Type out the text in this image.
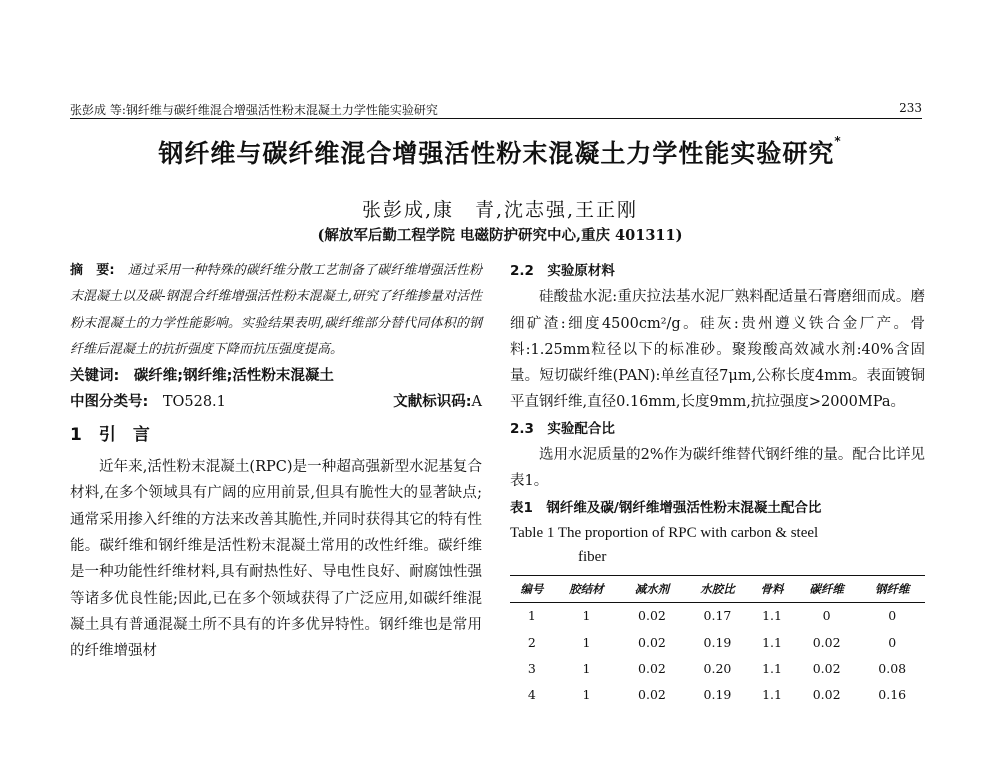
张彭成 等:钢纤维与碳纤维混合增强活性粉末混凝土力学性能实验研究	233
钢纤维与碳纤维混合增强活性粉末混凝土力学性能实验研究*
张彭成,康　青,沈志强,王正刚
(解放军后勤工程学院 电磁防护研究中心,重庆 401311)

摘　要:　 通过采用一种特殊的碳纤维分散工艺制备了碳纤维增强活性粉末混凝土以及碳-钢混合纤维增强活性粉末混凝土,研究了纤维掺量对活性粉末混凝土的力学性能影响。实验结果表明,碳纤维部分替代同体积的钢纤维后混凝土的抗折强度下降而抗压强度提高。

关键词:　 碳纤维;钢纤维;活性粉末混凝土

中图分类号:　 TO528.1	文献标识码:A
1　引　言

近年来,活性粉末混凝土(RPC)是一种超高强新型水泥基复合材料,在多个领域具有广阔的应用前景,但具有脆性大的显著缺点;通常采用掺入纤维的方法来改善其脆性,并同时获得其它的特有性能。碳纤维和钢纤维是活性粉末混凝土常用的改性纤维。碳纤维是一种功能性纤维材料,具有耐热性好、导电性良好、耐腐蚀性强等诸多优良性能;因此,已在多个领域获得了广泛应用,如碳纤维混凝土具有普通混凝土所不具有的许多优异特性。钢纤维也是常用的纤维增强材

2.2　实验原材料

硅酸盐水泥:重庆拉法基水泥厂熟料配适量石膏磨细而成。磨细矿渣:细度4500cm²/g。硅灰:贵州遵义铁合金厂产。骨料:1.25mm粒径以下的标准砂。聚羧酸高效减水剂:40%含固量。短切碳纤维(PAN):单丝直径7μm,公称长度4mm。表面镀铜平直钢纤维,直径0.16mm,长度9mm,抗拉强度>2000MPa。

2.3　实验配合比

选用水泥质量的2%作为碳纤维替代钢纤维的量。配合比详见表1。

表1　钢纤维及碳/钢纤维增强活性粉末混凝土配合比
Table 1 The proportion of RPC with carbon & steel
fiber
编号	胶结材	减水剂	水胶比	骨料	碳纤维	钢纤维
1	1	0.02	0.17	1.1	0	0
2	1	0.02	0.19	1.1	0.02	0
3	1	0.02	0.20	1.1	0.02	0.08
4	1	0.02	0.19	1.1	0.02	0.16
